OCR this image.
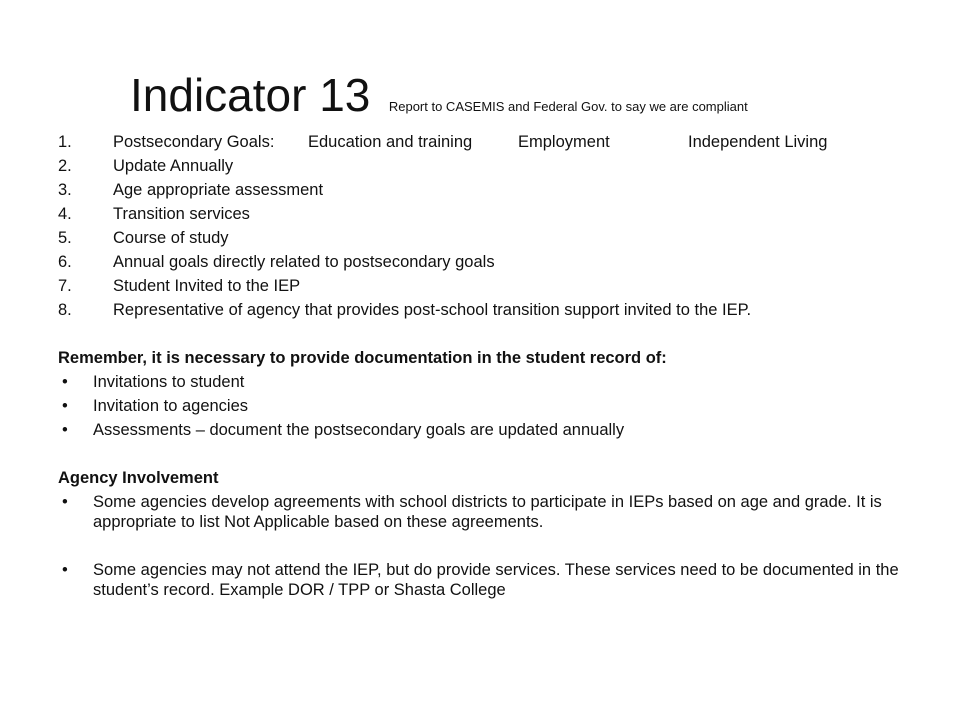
Indicator 13 Report to CASEMIS and Federal Gov. to say we are compliant
1.	Postsecondary Goals:	Education and training	Employment	Independent Living
2.	Update Annually
3.	Age appropriate assessment
4.	Transition services
5.	Course of study
6.	Annual goals directly related to postsecondary goals
7.	Student Invited to the IEP
8.	Representative of agency that provides post-school transition support invited to the IEP.
Remember, it is necessary to provide documentation in the student record of:
•	Invitations to student
•	Invitation to agencies
•	Assessments – document the postsecondary goals are updated annually
Agency Involvement
•	Some agencies develop agreements with school districts to participate in IEPs based on age and grade. It is appropriate to list Not Applicable based on these agreements.
•	Some agencies may not attend the IEP, but do provide services. These services need to be documented in the student’s record. Example DOR / TPP or Shasta College
